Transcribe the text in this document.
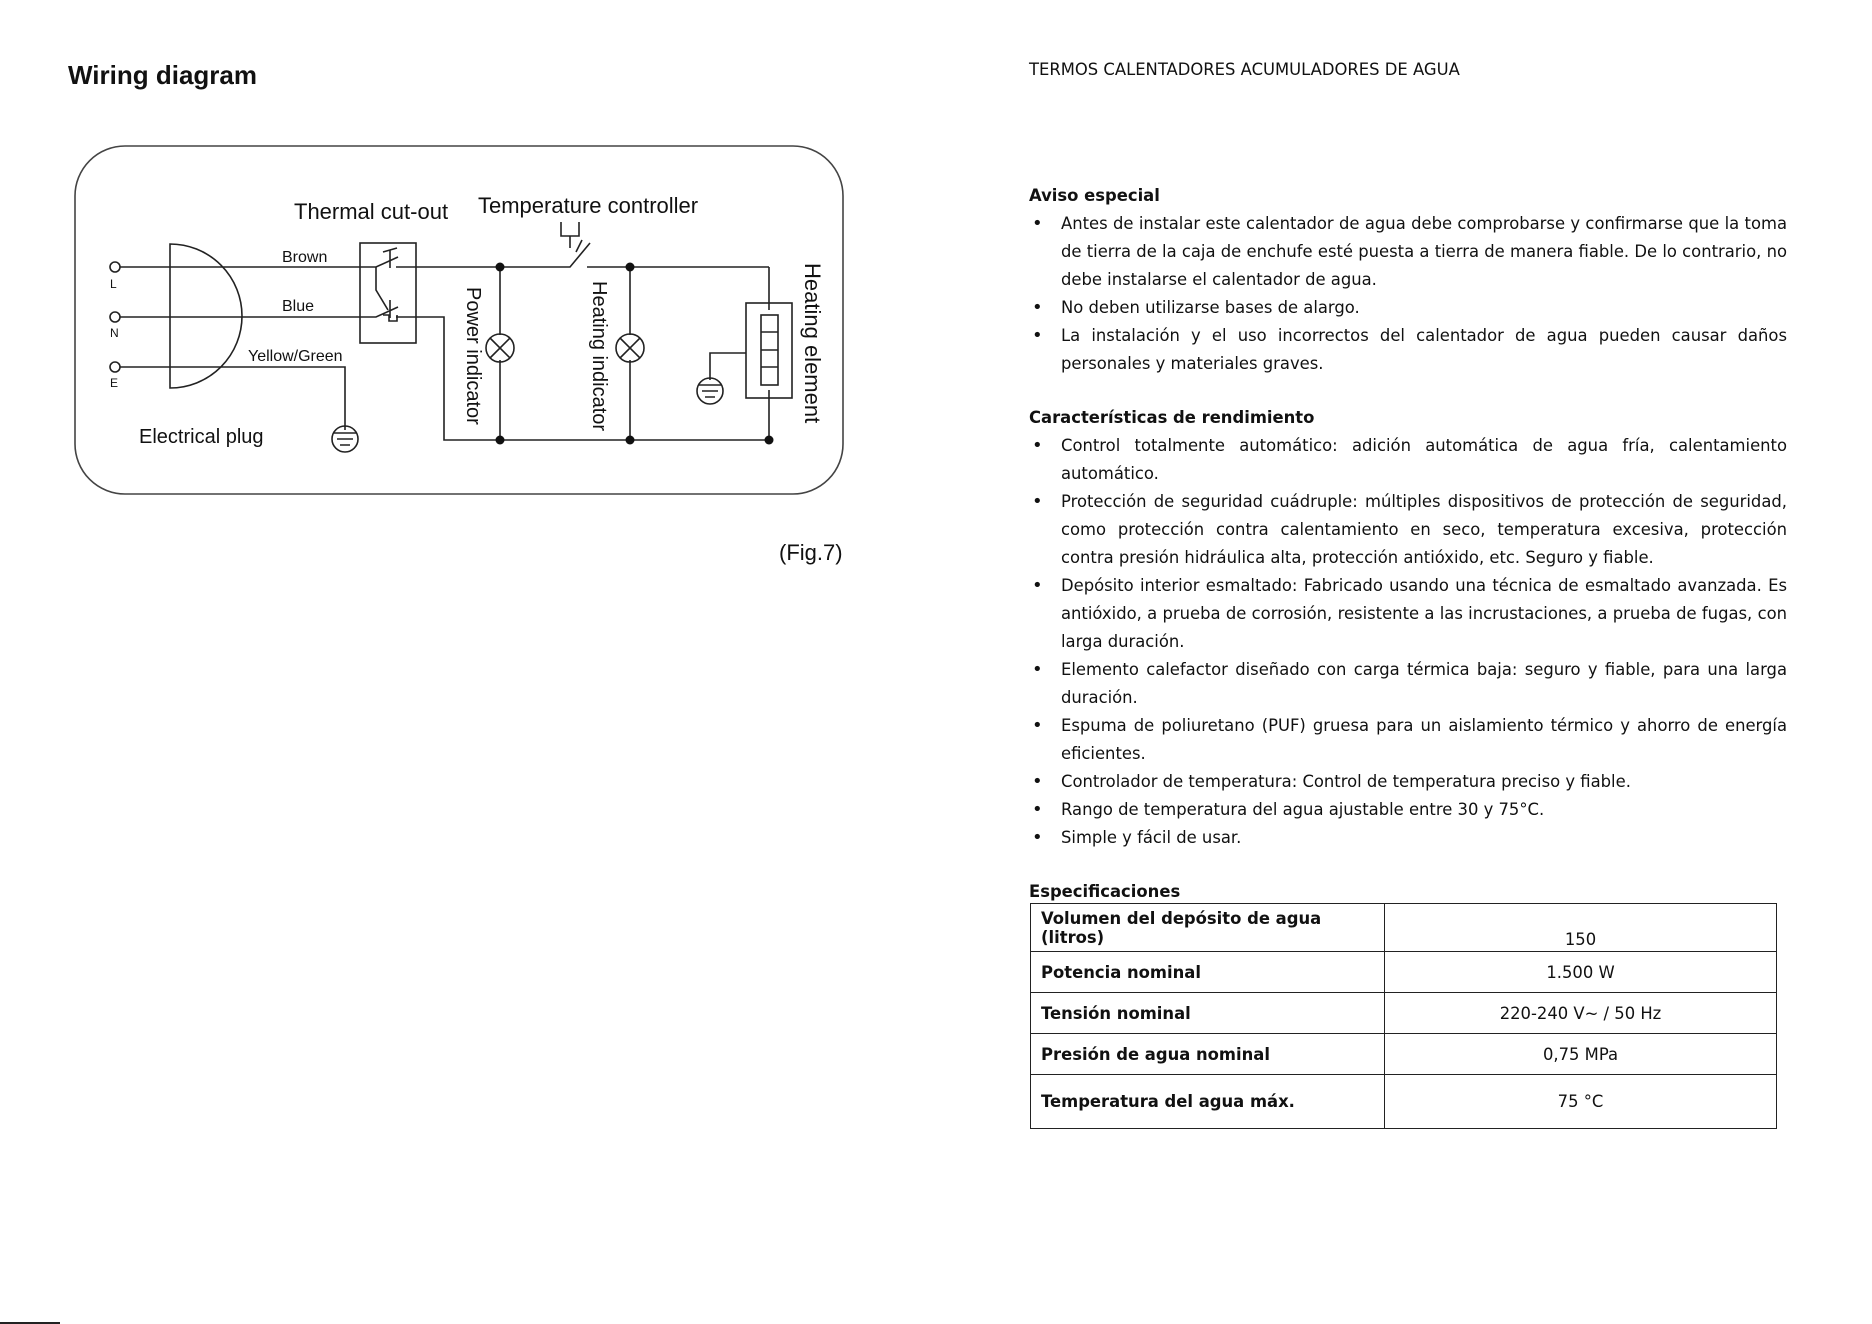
Wiring diagram
Thermal cut-out Temperature controller
Brown
Blue
Yellow/Green
L
N
E
Electrical plug
Power indicator	Heating indicator	Heating element
(Fig.7)

TERMOS CALENTADORES ACUMULADORES DE AGUA

Aviso especial

• Antes de instalar este calentador de agua debe comprobarse y confirmarse que la toma de tierra de la caja de enchufe esté puesta a tierra de manera fiable. De lo contrario, no debe instalarse el calentador de agua.
• No deben utilizarse bases de alargo.
• La instalación y el uso incorrectos del calentador de agua pueden causar daños personales y materiales graves.

Características de rendimiento

• Control totalmente automático: adición automática de agua fría, calentamiento automático.
• Protección de seguridad cuádruple: múltiples dispositivos de protección de seguridad, como protección contra calentamiento en seco, temperatura excesiva, protección contra presión hidráulica alta, protección antióxido, etc. Seguro y fiable.
• Depósito interior esmaltado: Fabricado usando una técnica de esmaltado avanzada. Es antióxido, a prueba de corrosión, resistente a las incrustaciones, a prueba de fugas, con larga duración.
• Elemento calefactor diseñado con carga térmica baja: seguro y fiable, para una larga duración.
• Espuma de poliuretano (PUF) gruesa para un aislamiento térmico y ahorro de energía eficientes.
• Controlador de temperatura: Control de temperatura preciso y fiable.
• Rango de temperatura del agua ajustable entre 30 y 75°C.
• Simple y fácil de usar.

Especificaciones

Volumen del depósito de agua (litros)	150
Potencia nominal	1.500 W
Tensión nominal	220-240 V~ / 50 Hz
Presión de agua nominal	0,75 MPa
Temperatura del agua máx.	75 °C
